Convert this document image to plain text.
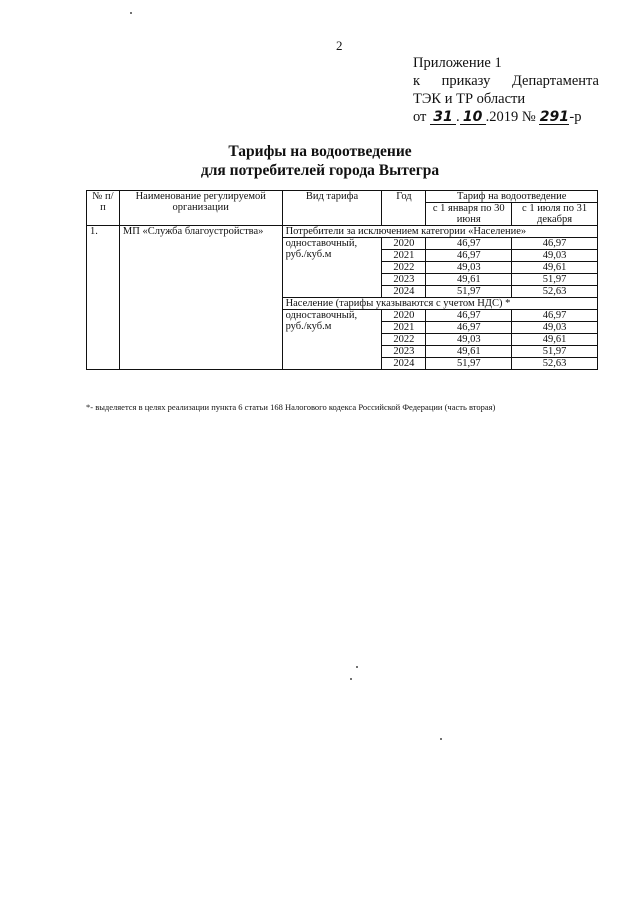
2
Приложение 1
к приказу Департамента
ТЭК и ТР области
от 31 . 10 .2019 № 291-р
Тарифы на водоотведение
для потребителей города Вытегра
№ п/п	Наименование регулируемой организации	Вид тарифа	Год	Тариф на водоотведение	
				с 1 января по 30 июня	с 1 июля по 31 декабря
1.	МП «Служба благоустройства»	Потребители за исключением категории «Население»			
		одноставочный, руб./куб.м	2020	46,97	46,97
			2021	46,97	49,03
			2022	49,03	49,61
			2023	49,61	51,97
			2024	51,97	52,63
		Население (тарифы указываются с учетом НДС) *			
		одноставочный, руб./куб.м	2020	46,97	46,97
			2021	46,97	49,03
			2022	49,03	49,61
			2023	49,61	51,97
			2024	51,97	52,63
*- выделяется в целях реализации пункта 6 статьи 168 Налогового кодекса Российской Федерации (часть вторая)
